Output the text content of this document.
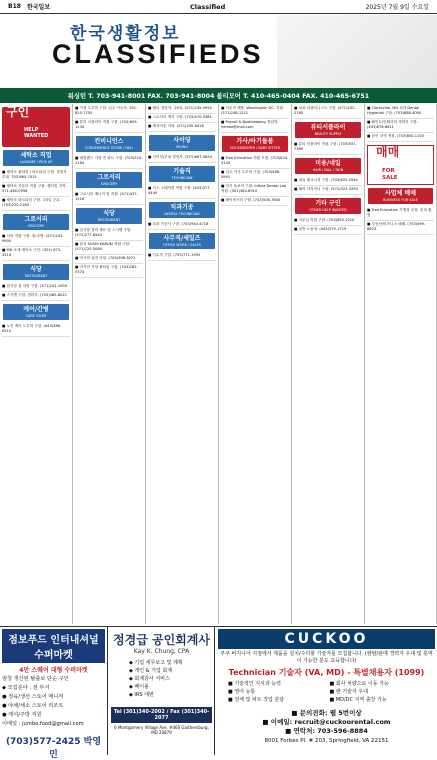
B18 한국일보	Classified	2025년 7월 9일 수요일
한국생활정보
CLASSIFIEDS
워싱턴 T. 703-941-8001 FAX. 703-941-8004 볼티모어 T. 410-465-0404 FAX. 410-465-6751
구인
HELP
WANTED
세탁소 직업
LAUNDRY / PICK UP
■ 세탁소 풀타임 / 파트타임 구함. 경험자 우대. 703-865-7415
■ 세탁소 카운터 직원 구함. 센터빌 지역. 571-480-0958
■ 세탁소 파트타임 구함. 주5일 근무. (703)220-2164
그로서리
GROCERY
■ 식당 직원 구함. 홀/주방. (571)243-9900
■ MD 소재 세탁소 구인. (301) 873-3214
식당
RESTAURANT
■ 한식당 홀 서빙 구함. (571)241-1090
■ 스시맨 구함. 경력자. (703)485-8021
케어/간병
CARE GIVER
■ 노인 케어 도우미 구함. (443)386-0515
■ 가정 도우미 구함. 입주 가능자. 301-825-7755
■ 뷰티 서플라이 직원 구함. (703)609-1234
컨비니언스
CONVENIENCE STORE / DELI
■ 메릴랜드 식당 전 파트 구함. (703)220-2164
그로서리
GROCERY
■ 그로서리 매니저 및 직원. (571)437-1516
식당
RESTAURANT
■ 일식당 경력 셰프 및 스시맨 구함. (571)277-8544
■ 한식 SUSHI KABUKI 직원 구함. (571)725-5084
■ 아시안 퓨전 식당. (703)398-3072
■ 아시안 식당 풀타임 구함. (703)262-0374
■ 델리 경력자. 주5일. (571)235-9954
■ 그로서리 캐셔 구함. (703)470-3381
■ 캐리아웃 식당. (571)230-6416
사이딩
SIDING
■ 사이딩/루핑 경험자. (571)667-5654
기술직
TECHNICIAN
■ 가스 스테이션 직원 구함. (443)377-4449
치과기공
DENTAL TECHNICIAN
■ 치과 기공사 구함. (703)944-4718
사무직/세일즈
OFFICE WORK / SALES
■ 사무직 구함. (703)771-1995
■ 사무직 채용. Washington DC. 지원 (571)248-1212
■ Payroll & Bookkeeping 경험자. hemoe@mail.com
가사/아기돌봄
HOUSEKEEPER / BABY SITTER
■ Tree Education 직원 모집. (703)624-3145
■ 입주 가사 도우미 구함. (703)588-5991
■ 아기 돌보미 구함. Infinia Dental Lab 직원. (301)384-8910
■ 베이비시터 구함. (703)506-7600
■ 치과 리셉셔니스트 구함. (571)232-2785
뷰티서플라이
BEAUTY SUPPLY
■ 뷰티 서플라이 직원 구함. (703)937-7389
미용/네일
HAIR / NAIL / SKIN
■ 네일 테크니션 구함. (703)622-5544
■ 헤어 디자이너 구함. (571)323-3293
기타 구인
OTHER HELP WANTED
■ 사무실 직원 구함. (703)855-1010
■ 일반 노동자. (443)379-1719
■ Clarksville, MD 치과 Dental Hygienist 구함. (703)888-4000
■ 페인트/인테리어 경력자 구함. (443)878-6611
■ 한인 마켓 직원. (703)850-1100
매매
FOR
SALE
사업체 매매
BUSINESS FOR SALE
■ Tree Education 가맹점 모집. 문의 환영
■ 부동산/비즈니스 매매. (703)499-6623
점보푸드 인터내셔널 수퍼마켓
4만 스퀘어 대형 수퍼마켓
엄청 생산된 탈출보 단순 구인
◆ 모집분야 : 전 부서
● 정육/생선 스토어 매니저
● 야채/채소 스토어 리조트
● 캐셔/주방 직원
이메일 : jumbo.food@gmail.com
(703)577-2425 박영민
정경급 공인회계사
Kay K. Chung, CPA
◆ 기업 세무보고 및 계획
◆ 개인 & 기업 회계
◆ 회계감사 서비스
◆ 페이롤
◆ IRS 대변
Tel (301)340-2002 / Fax (301)340-2077
6 Montgomery Village Ave. #460 Gaithersburg, MD 20879
CUCKOO
쿠쿠 버지니아 지점에서 제품을 설치/수리할 기술자를 모집합니다. (렌탈/판매 경력자 우대 및 통역이 가능한 분도 교육합니다)
Technician 기술자 (VA, MD) - 특별채용자 (1099)
■ 기술적인 지식과 능력	■ 회사 차량으로 이동 가능
■ 영어 능통	■ 밴 기술자 우대
■ 전체 및 파트 작업 분담	■ MD/DC 지역 출장 가능
■ 문의전화: 웹 5번이상
■ 이메일: recruit@cuckoorental.com
■ 연락처: 703-596-8884
8001 Forbes Pl. # 203, Springfield, VA 22151
